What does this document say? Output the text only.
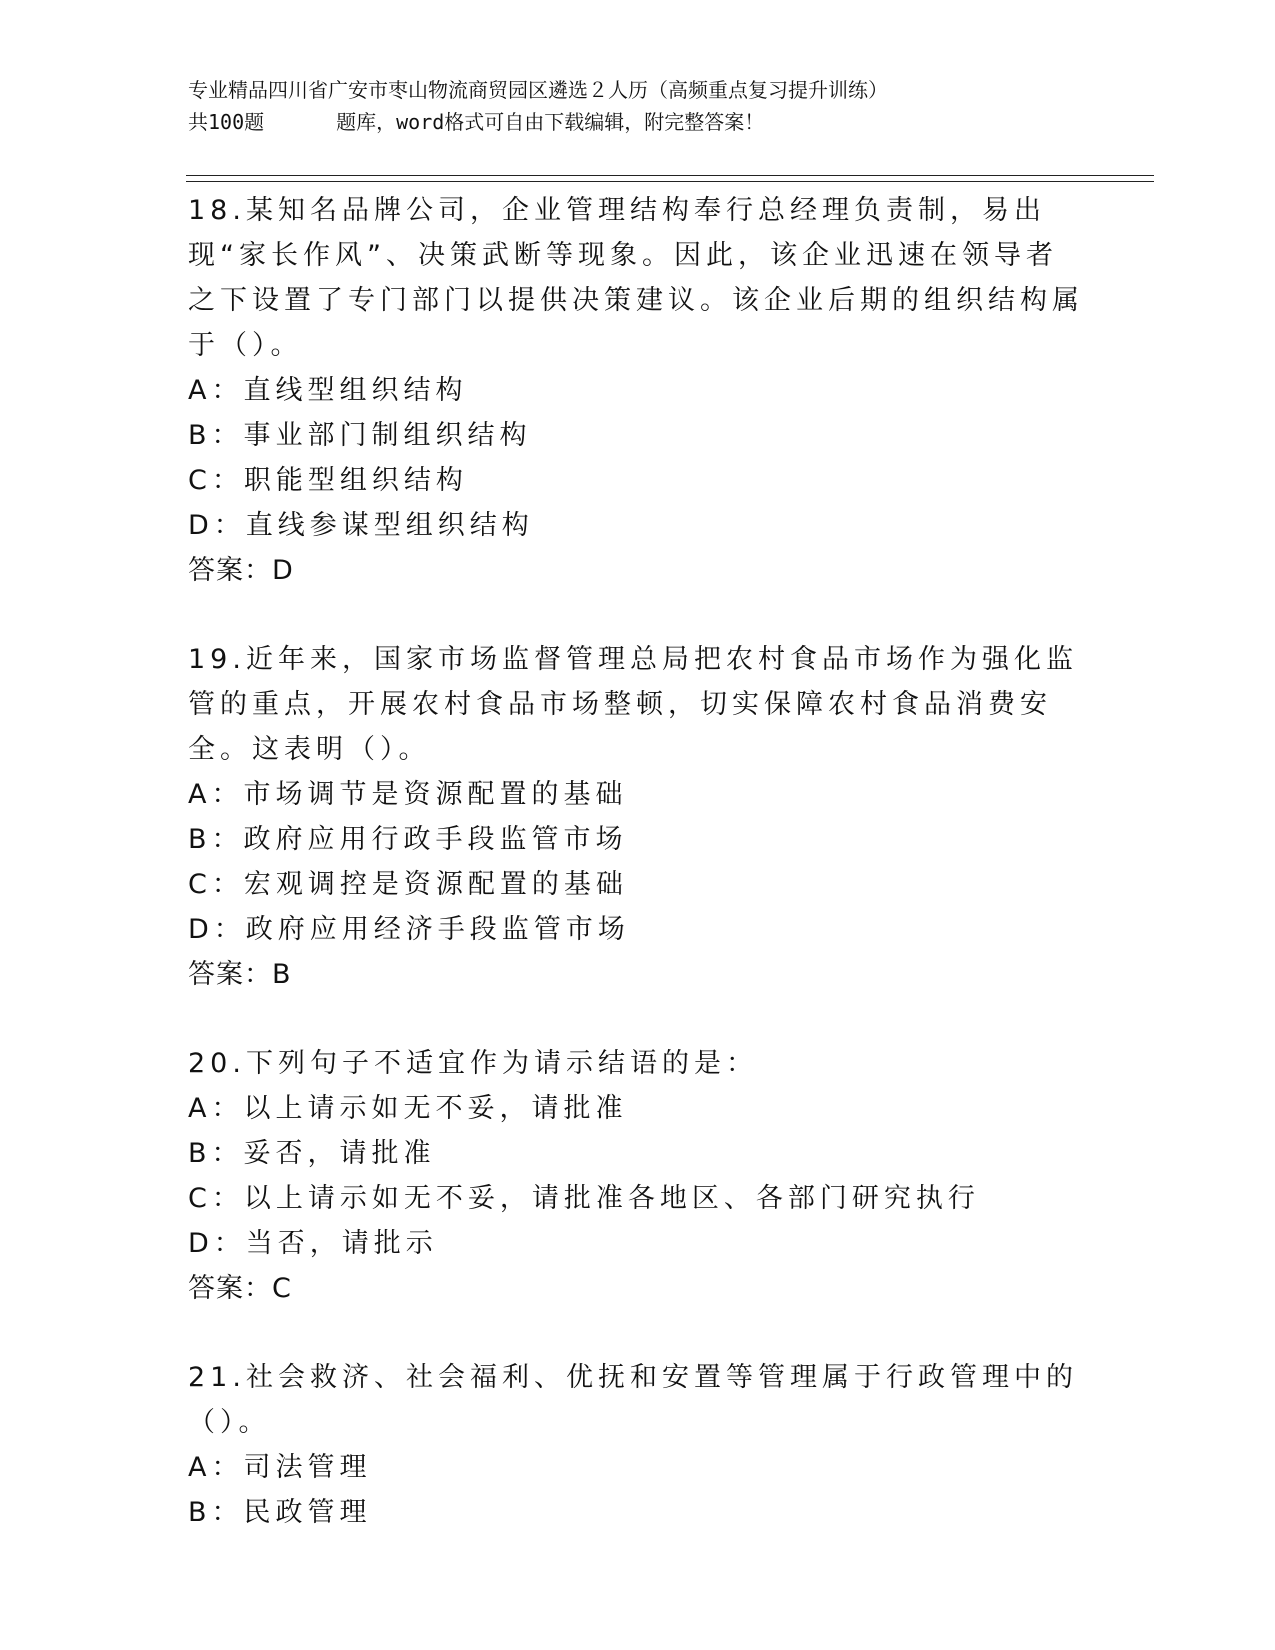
专业精品四川省广安市枣山物流商贸园区遴选２人历（高频重点复习提升训练）
共100题	题库，word格式可自由下载编辑，附完整答案！

18.某知名品牌公司，企业管理结构奉行总经理负责制，易出现“家长作风”、决策武断等现象。因此，该企业迅速在领导者之下设置了专门部门以提供决策建议。该企业后期的组织结构属于（）。

A：直线型组织结构

B：事业部门制组织结构

C：职能型组织结构

D：直线参谋型组织结构

答案：D

19.近年来，国家市场监督管理总局把农村食品市场作为强化监管的重点，开展农村食品市场整顿，切实保障农村食品消费安全。这表明（）。

A：市场调节是资源配置的基础

B：政府应用行政手段监管市场

C：宏观调控是资源配置的基础

D：政府应用经济手段监管市场

答案：B

20.下列句子不适宜作为请示结语的是：

A：以上请示如无不妥，请批准

B：妥否，请批准

C：以上请示如无不妥，请批准各地区、各部门研究执行

D：当否，请批示

答案：C

21.社会救济、社会福利、优抚和安置等管理属于行政管理中的（）。

A：司法管理

B：民政管理
